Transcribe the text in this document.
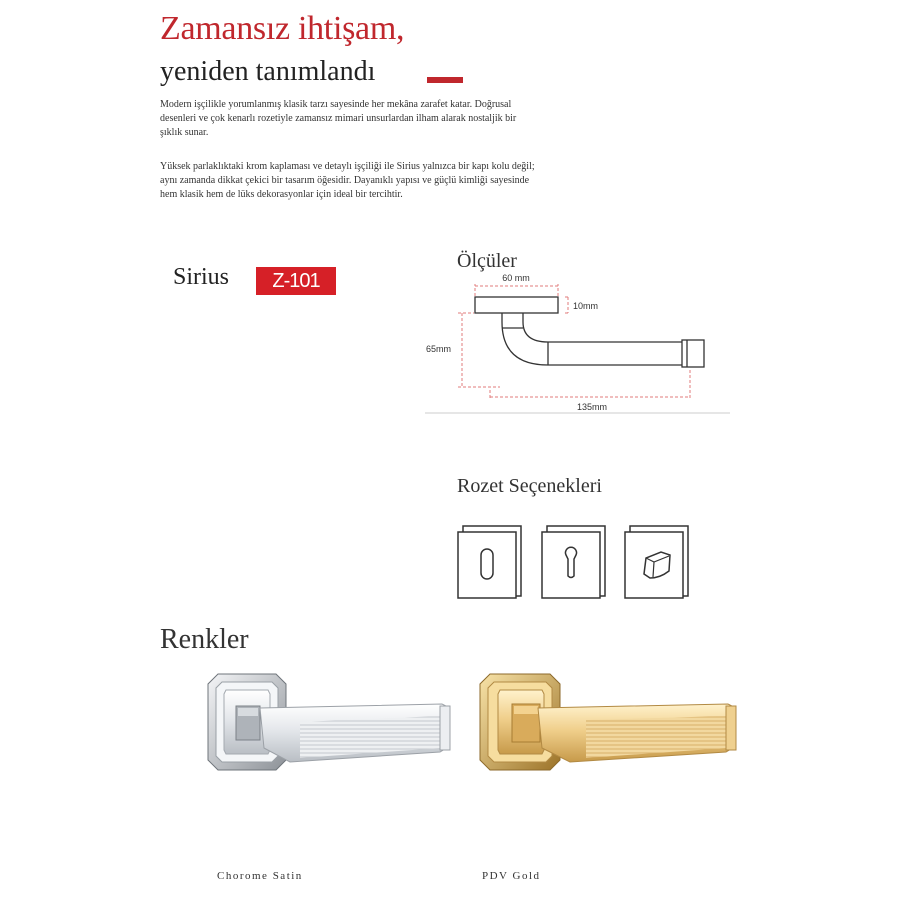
Zamansız ihtişam,
yeniden tanımlandı
Modern işçilikle yorumlanmış klasik tarzı sayesinde her mekâna zarafet katar. Doğrusal desenleri ve çok kenarlı rozetiyle zamansız mimari unsurlardan ilham alarak nostaljik bir şıklık sunar.
Yüksek parlaklıktaki krom kaplaması ve detaylı işçiliği ile Sirius yalnızca bir kapı kolu değil; aynı zamanda dikkat çekici bir tasarım öğesidir. Dayanıklı yapısı ve güçlü kimliği sayesinde hem klasik hem de lüks dekorasyonlar için ideal bir tercihtir.
Sirius	Z-101
Ölçüler
60 mm
10mm
65mm
135mm
Rozet Seçenekleri
Renkler
Chorome Satin	PDV Gold
